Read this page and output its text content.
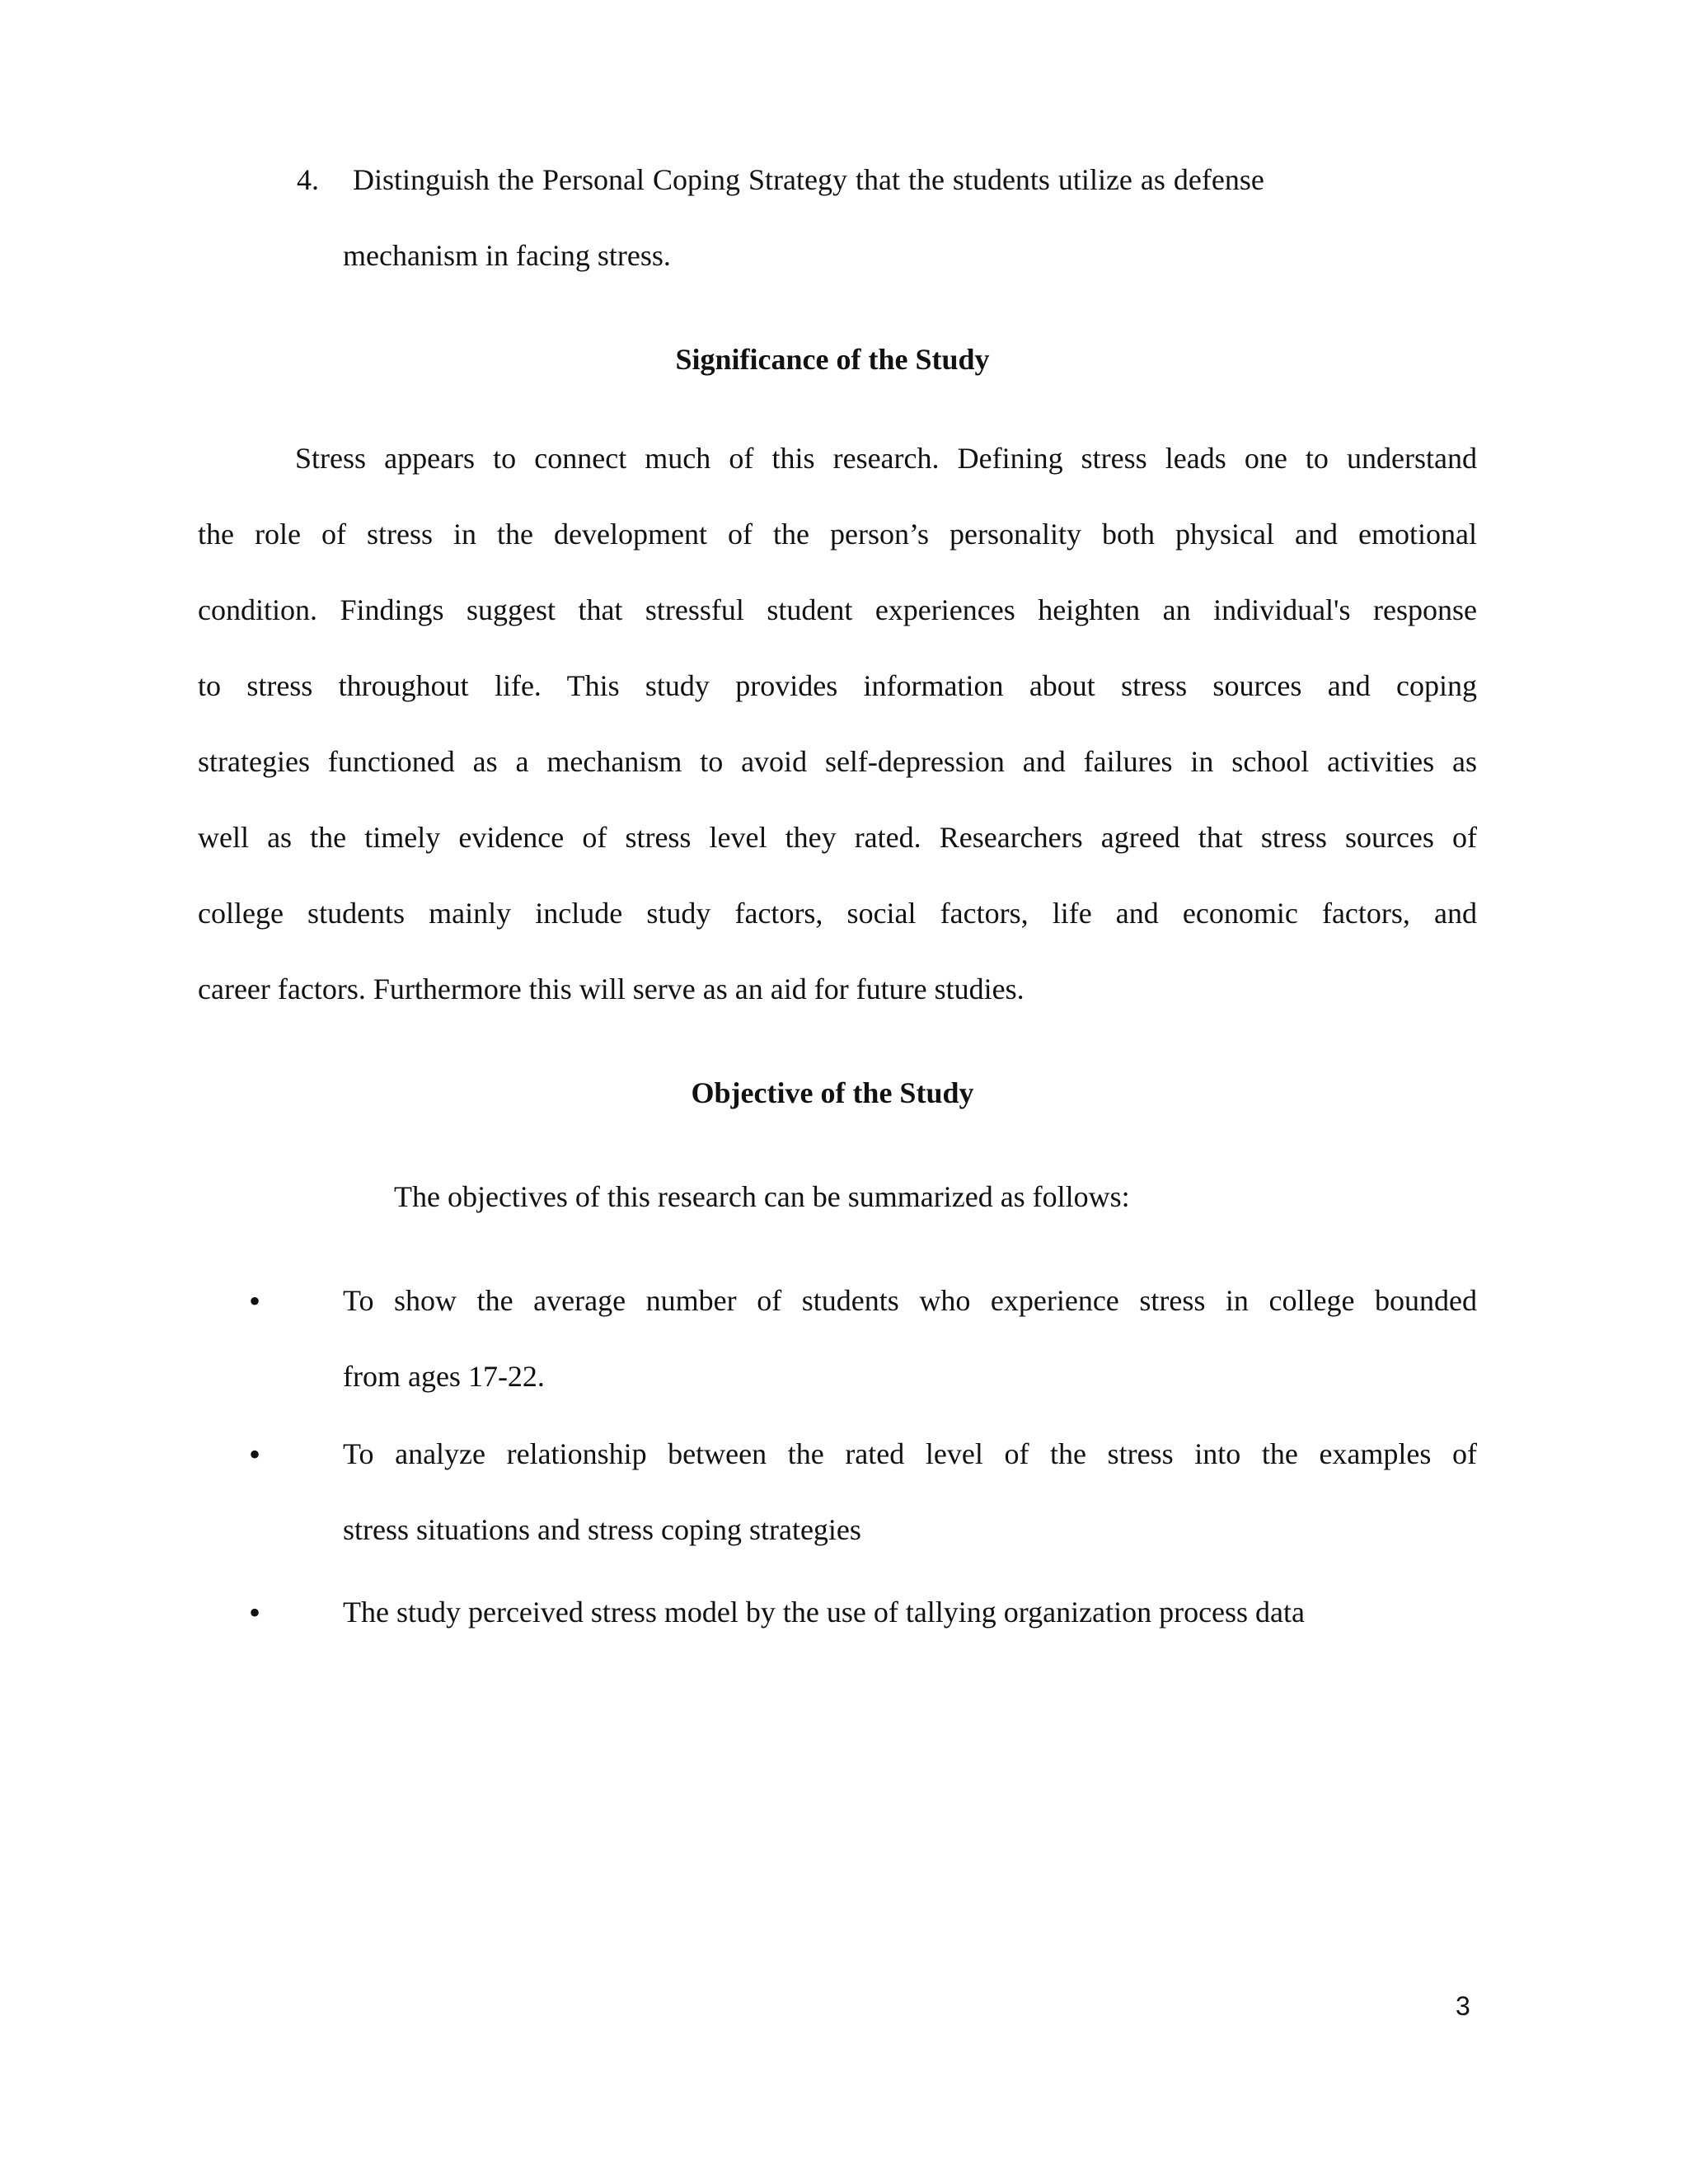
4. Distinguish the Personal Coping Strategy that the students utilize as defense
mechanism in facing stress.
Significance of the Study
Stress appears to connect much of this research. Defining stress leads one to understand
the role of stress in the development of the person’s personality both physical and emotional
condition. Findings suggest that stressful student experiences heighten an individual's response
to stress throughout life. This study provides information about stress sources and coping
strategies functioned as a mechanism to avoid self-depression and failures in school activities as
well as the timely evidence of stress level they rated. Researchers agreed that stress sources of
college students mainly include study factors, social factors, life and economic factors, and
career factors. Furthermore this will serve as an aid for future studies.
Objective of the Study
The objectives of this research can be summarized as follows:
•	To show the average number of students who experience stress in college bounded
from ages 17-22.
•	To analyze relationship between the rated level of the stress into the examples of
stress situations and stress coping strategies
•	The study perceived stress model by the use of tallying organization process data
3
